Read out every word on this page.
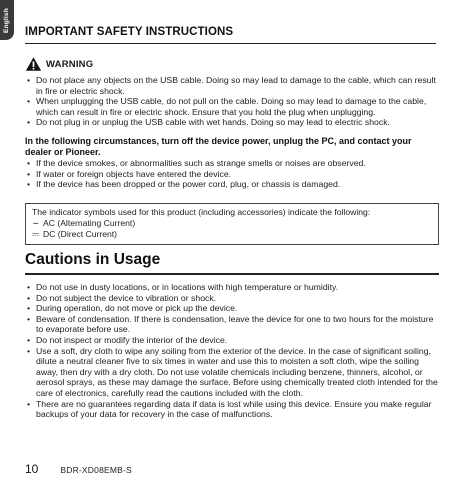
English IMPORTANT SAFETY INSTRUCTIONS
WARNING
• Do not place any objects on the USB cable. Doing so may lead to damage to the cable, which can result in fire or electric shock.
• When unplugging the USB cable, do not pull on the cable. Doing so may lead to damage to the cable, which can result in fire or electric shock. Ensure that you hold the plug when unplugging.
• Do not plug in or unplug the USB cable with wet hands. Doing so may lead to electric shock.
In the following circumstances, turn off the device power, unplug the PC, and contact your dealer or Pioneer.
• If the device smokes, or abnormalities such as strange smells or noises are observed.
• If water or foreign objects have entered the device.
• If the device has been dropped or the power cord, plug, or chassis is damaged.
The indicator symbols used for this product (including accessories) indicate the following:
∼ AC (Alternating Current)
⎓ DC (Direct Current)
Cautions in Usage
• Do not use in dusty locations, or in locations with high temperature or humidity.
• Do not subject the device to vibration or shock.
• During operation, do not move or pick up the device.
• Beware of condensation. If there is condensation, leave the device for one to two hours for the moisture to evaporate before use.
• Do not inspect or modify the interior of the device.
• Use a soft, dry cloth to wipe any soiling from the exterior of the device. In the case of significant soiling, dilute a neutral cleaner five to six times in water and use this to moisten a soft cloth, wipe the soiling away, then dry with a dry cloth. Do not use volatile chemicals including benzene, thinners, alcohol, or aerosol sprays, as these may damage the surface. Before using chemically treated cloth intended for the care of electronics, carefully read the cautions included with the cloth.
• There are no guarantees regarding data if data is lost while using this device. Ensure you make regular backups of your data for recovery in the case of malfunctions.
10	BDR-XD08EMB-S
